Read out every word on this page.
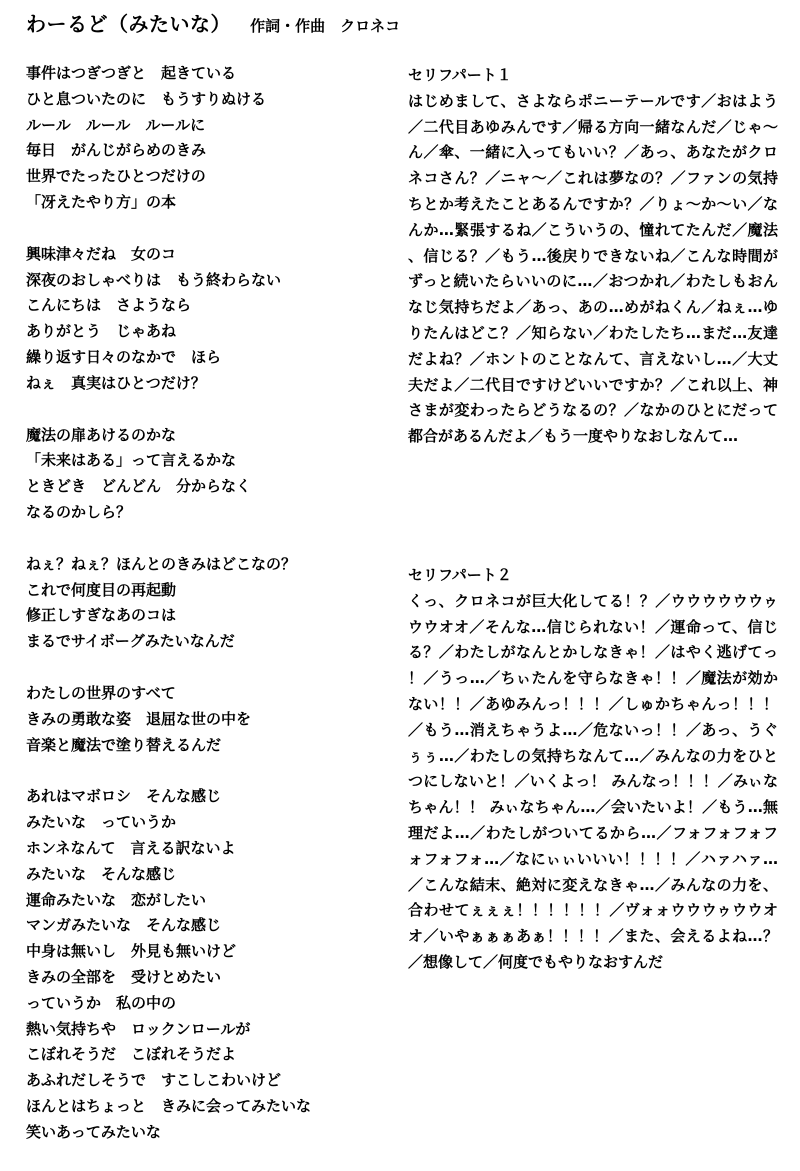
わーるど（みたいな） 作詞・作曲　クロネコ
事件はつぎつぎと　起きている
ひと息ついたのに　もうすりぬける
ルール　ルール　ルールに
毎日　がんじがらめのきみ
世界でたったひとつだけの
「冴えたやり方」の本
興味津々だね　女のコ
深夜のおしゃべりは　もう終わらない
こんにちは　さようなら
ありがとう　じゃあね
繰り返す日々のなかで　ほら
ねぇ　真実はひとつだけ？
魔法の扉あけるのかな
「未来はある」って言えるかな
ときどき　どんどん　分からなく
なるのかしら？
ねぇ？ねぇ？ほんとのきみはどこなの？
これで何度目の再起動
修正しすぎなあのコは
まるでサイボーグみたいなんだ
わたしの世界のすべて
きみの勇敢な姿　退屈な世の中を
音楽と魔法で塗り替えるんだ
あれはマボロシ　そんな感じ
みたいな　っていうか
ホンネなんて　言える訳ないよ
みたいな　そんな感じ
運命みたいな　恋がしたい
マンガみたいな　そんな感じ
中身は無いし　外見も無いけど
きみの全部を　受けとめたい
っていうか　私の中の
熱い気持ちや　ロックンロールが
こぼれそうだ　こぼれそうだよ
あふれだしそうで　すこしこわいけど
ほんとはちょっと　きみに会ってみたいな
笑いあってみたいな
セリフパート１
はじめまして、さよならポニーテールです／おはよう／二代目あゆみんです／帰る方向一緒なんだ／じゃ～ん／傘、一緒に入ってもいい？／あっ、あなたがクロネコさん？／ニャ～／これは夢なの？／ファンの気持ちとか考えたことあるんですか？／りょ～か～い／なんか…緊張するね／こういうの、憧れてたんだ／魔法、信じる？／もう…後戻りできないね／こんな時間がずっと続いたらいいのに…／おつかれ／わたしもおんなじ気持ちだよ／あっ、あの…めがねくん／ねぇ…ゆりたんはどこ？／知らない／わたしたち…まだ…友達だよね？／ホントのことなんて、言えないし…／大丈夫だよ／二代目ですけどいいですか？／これ以上、神さまが変わったらどうなるの？／なかのひとにだって都合があるんだよ／もう一度やりなおしなんて…
セリフパート２
くっ、クロネコが巨大化してる！？／ウウウウウウゥウウオオ／そんな…信じられない！／運命って、信じる？／わたしがなんとかしなきゃ！／はやく逃げてっ！／うっ…／ちぃたんを守らなきゃ！！／魔法が効かない！！／あゆみんっ！！！／しゅかちゃんっ！！！／もう…消えちゃうよ…／危ないっ！！／あっ、うぐぅぅ…／わたしの気持ちなんて…／みんなの力をひとつにしないと！／いくよっ！ みんなっ！！！／みぃなちゃん！！ みぃなちゃん…／会いたいよ！／もう…無理だよ…／わたしがついてるから…／フォフォフォフォフォフォ…／なにぃぃいいい！！！！／ハァハァ…／こんな結末、絶対に変えなきゃ…／みんなの力を、合わせてぇぇぇ！！！！！！／ヴォォウウウゥウウオオ／いやぁぁぁあぁ！！！！／また、会えるよね…？／想像して／何度でもやりなおすんだ
